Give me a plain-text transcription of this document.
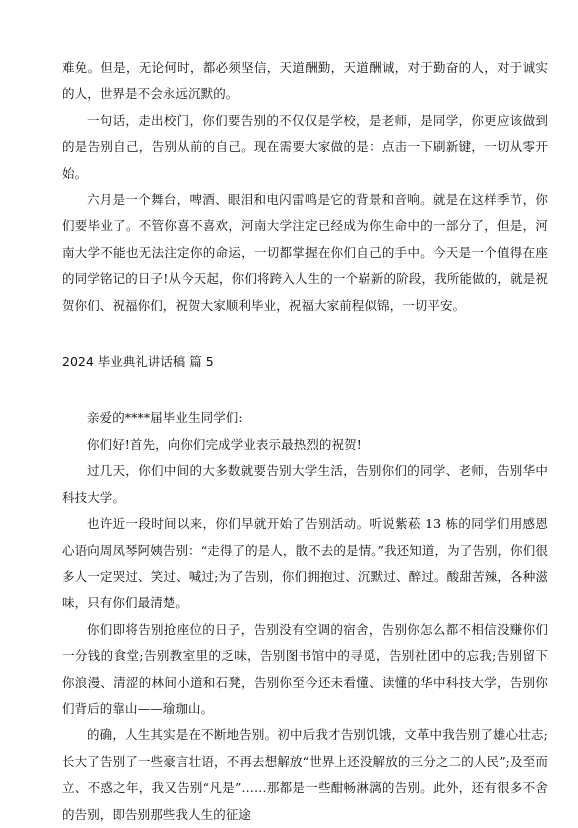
难免。但是，无论何时，都必须坚信，天道酬勤，天道酬诚，对于勤奋的人，对于诚实的人，世界是不会永远沉默的。

一句话，走出校门，你们要告别的不仅仅是学校，是老师，是同学，你更应该做到的是告别自己，告别从前的自己。现在需要大家做的是：点击一下刷新键，一切从零开始。

六月是一个舞台，啤酒、眼泪和电闪雷鸣是它的背景和音响。就是在这样季节，你们要毕业了。不管你喜不喜欢，河南大学注定已经成为你生命中的一部分了，但是，河南大学不能也无法注定你的命运，一切都掌握在你们自己的手中。今天是一个值得在座的同学铭记的日子!从今天起，你们将跨入人生的一个崭新的阶段，我所能做的，就是祝贺你们、祝福你们，祝贺大家顺利毕业，祝福大家前程似锦，一切平安。

2024 毕业典礼讲话稿 篇 5

亲爱的****届毕业生同学们:

你们好!首先，向你们完成学业表示最热烈的祝贺!

过几天，你们中间的大多数就要告别大学生活，告别你们的同学、老师，告别华中科技大学。

也许近一段时间以来，你们早就开始了告别活动。听说紫菘 13 栋的同学们用感恩心语向周凤琴阿姨告别：“走得了的是人，散不去的是情。”我还知道，为了告别，你们很多人一定哭过、笑过、喊过;为了告别，你们拥抱过、沉默过、醉过。酸甜苦辣，各种滋味，只有你们最清楚。

你们即将告别抢座位的日子，告别没有空调的宿舍，告别你怎么都不相信没赚你们一分钱的食堂;告别教室里的乏味，告别图书馆中的寻觅，告别社团中的忘我;告别留下你浪漫、清涩的林间小道和石凳，告别你至今还未看懂、读懂的华中科技大学，告别你们背后的靠山——瑜珈山。

的确，人生其实是在不断地告别。初中后我才告别饥饿，文革中我告别了雄心壮志;长大了告别了一些豪言壮语，不再去想解放“世界上还没解放的三分之二的人民”;及至而立、不惑之年，我又告别“凡是”……那都是一些酣畅淋漓的告别。此外，还有很多不舍的告别，即告别那些我人生的征途
